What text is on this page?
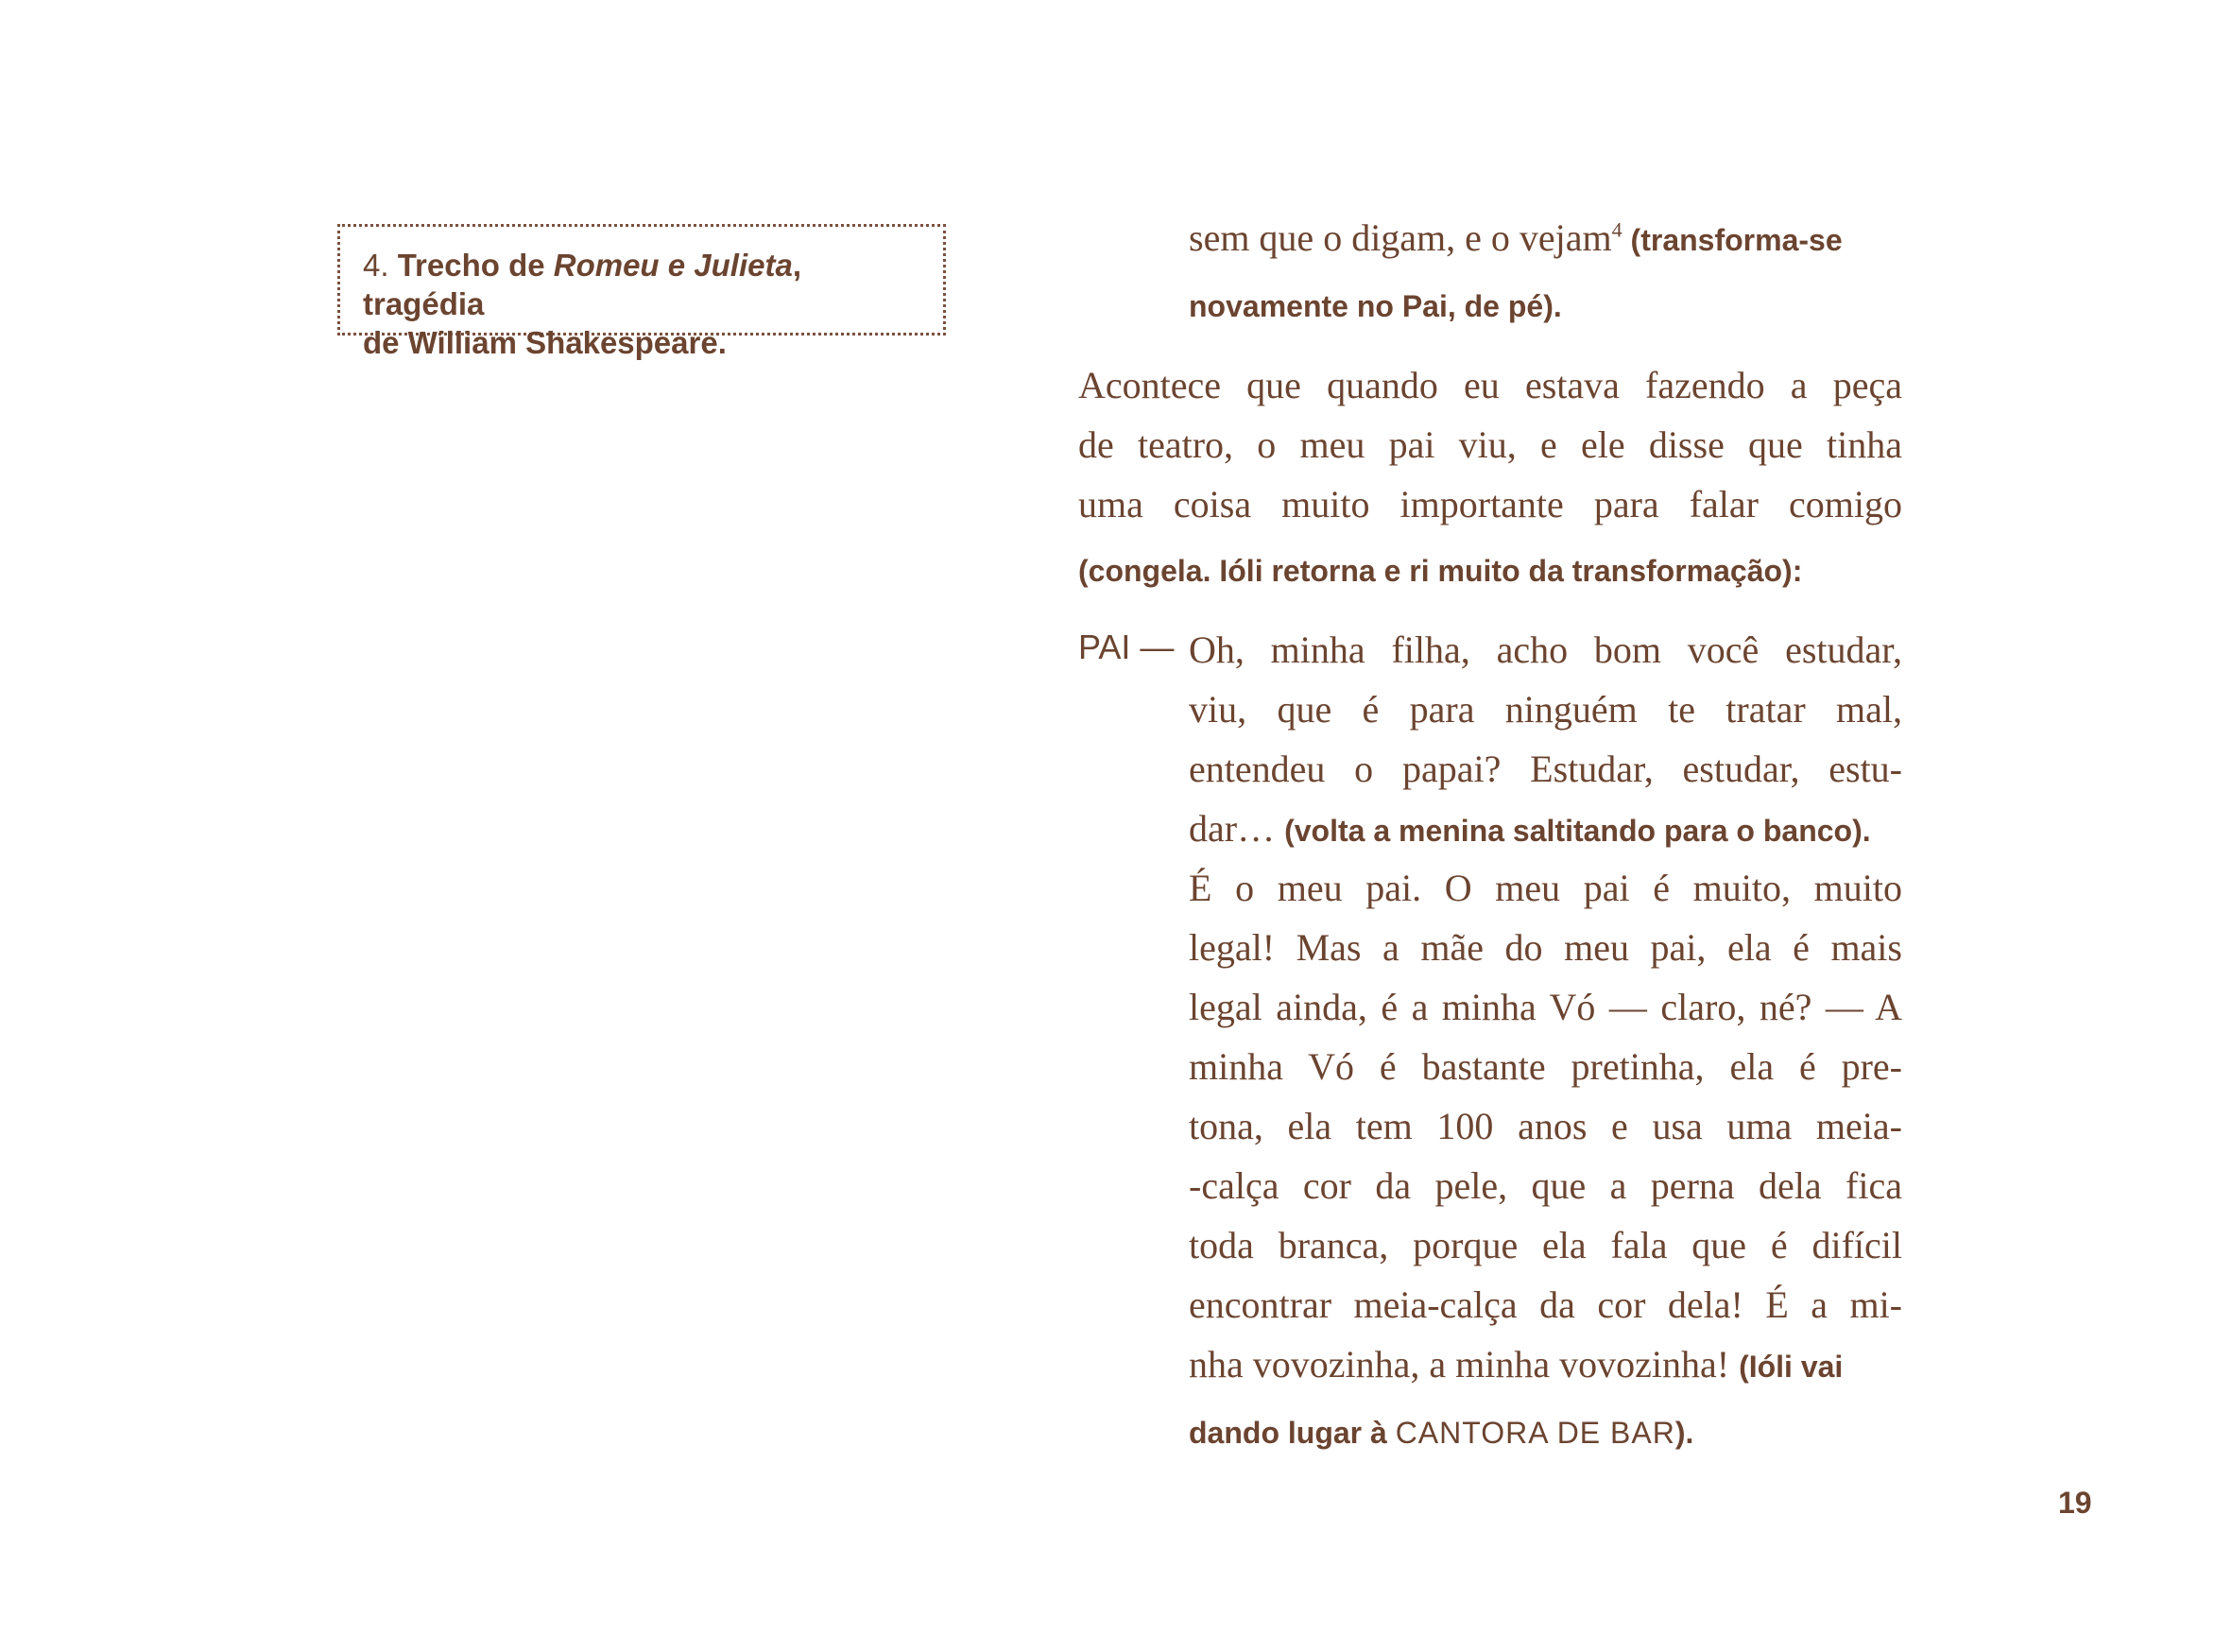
4. Trecho de Romeu e Julieta, tragédia
de William Shakespeare.
sem que o digam, e o vejam$^4$ (transforma-se
novamente no Pai, de pé).
Acontece que quando eu estava fazendo a peça
de teatro, o meu pai viu, e ele disse que tinha
uma coisa muito importante para falar comigo
(congela. Ióli retorna e ri muito da transformação):
PAI — Oh, minha filha, acho bom você estudar,
viu, que é para ninguém te tratar mal,
entendeu o papai? Estudar, estudar, estu-
dar… (volta a menina saltitando para o banco).
É o meu pai. O meu pai é muito, muito
legal! Mas a mãe do meu pai, ela é mais
legal ainda, é a minha Vó — claro, né? — A
minha Vó é bastante pretinha, ela é pre-
tona, ela tem 100 anos e usa uma meia-
-calça cor da pele, que a perna dela fica
toda branca, porque ela fala que é difícil
encontrar meia-calça da cor dela! É a mi-
nha vovozinha, a minha vovozinha! (Ióli vai
dando lugar à CANTORA DE BAR).
19
